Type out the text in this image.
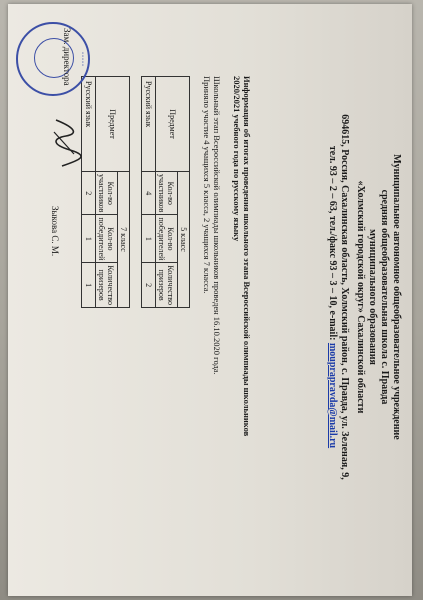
Муниципальное автономное общеобразовательное учреждение
средняя общеобразовательная школа с. Правда
муниципального образования
«Холмский городской округ» Сахалинской области
694615, Россия, Сахалинская область, Холмский район, с. Правда, ул. Зеленая, 9,
тел. 93 – 2 – 63, тел./факс 93 – 3 – 10, e-mail: mouprapravda@mail.ru
Информация об итогах проведения школьного этапа Всероссийской олимпиады школьников
2020/2021 учебного года по русскому языку
Школьный этап Всероссийской олимпиады школьников проведен 16.10.2020 года.
Приняло участие 4 учащихся 5 класса, 2 учащихся 7 класса.
Предмет	5 класс		
	Кол-во участников	Кол-во победителей	Количество призеров
Русский язык	4	1	2
Предмет	7 класс		
	Кол-во участников	Кол-во победителей	Количество призеров
Русский язык	2	1	1
• • • • •
Зам. директора
Зыкова С. М.
